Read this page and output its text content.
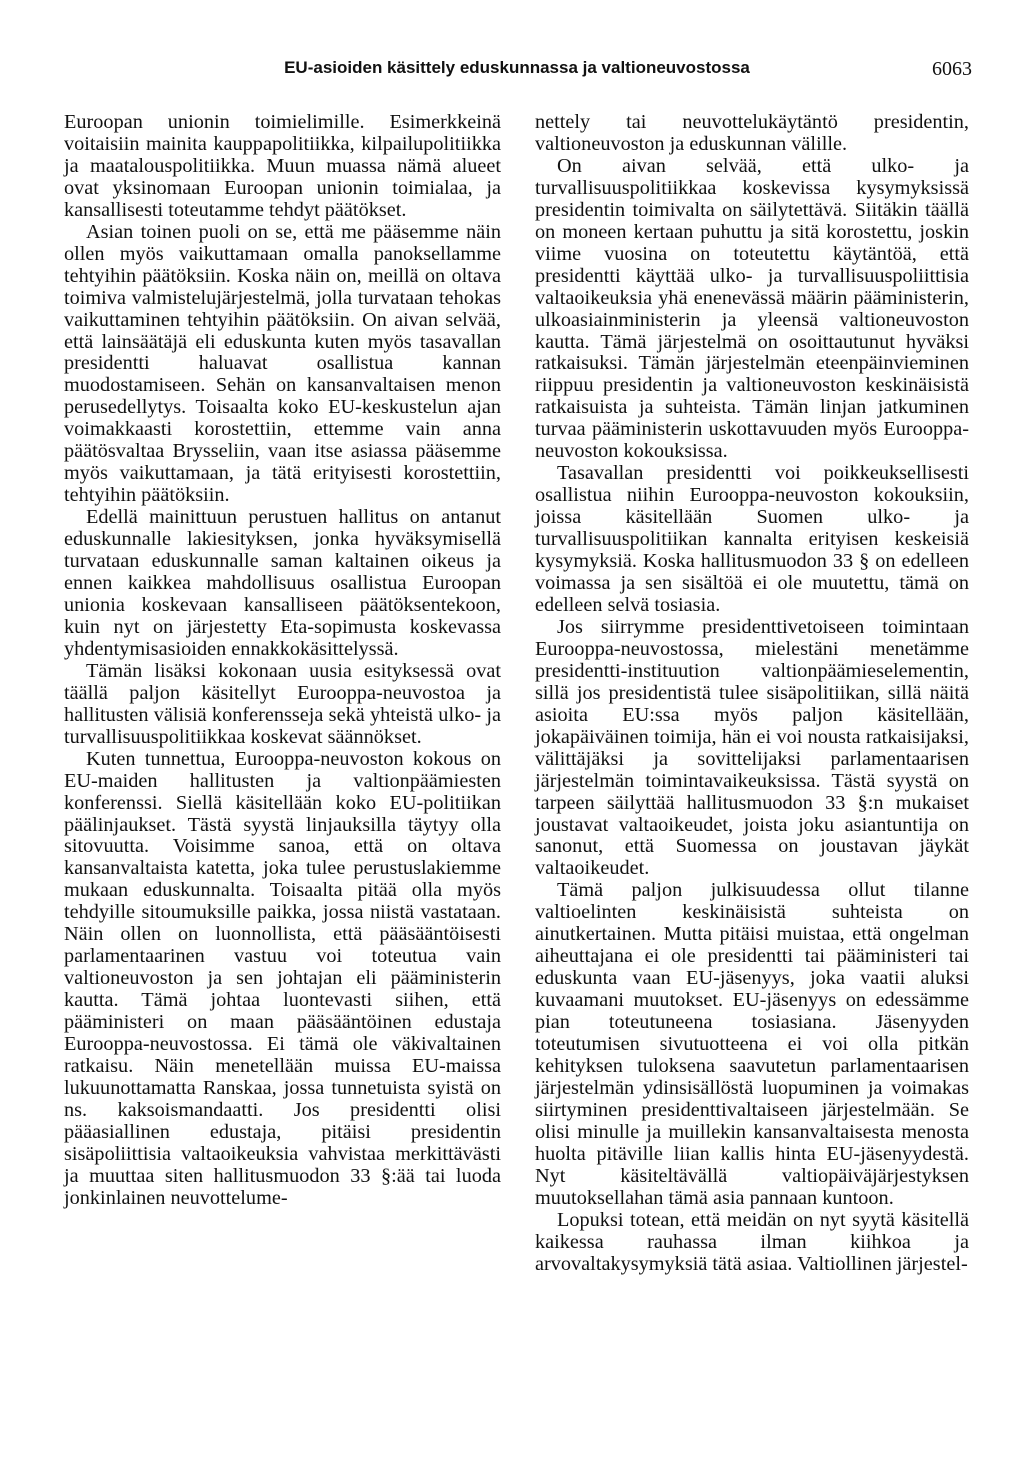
EU-asioiden käsittely eduskunnassa ja valtioneuvostossa	6063

Euroopan unionin toimielimille. Esimerkkeinä voitaisiin mainita kauppapolitiikka, kilpailupolitiikka ja maatalouspolitiikka. Muun muassa nämä alueet ovat yksinomaan Euroopan unionin toimialaa, ja kansallisesti toteutamme tehdyt päätökset.

Asian toinen puoli on se, että me pääsemme näin ollen myös vaikuttamaan omalla panoksellamme tehtyihin päätöksiin. Koska näin on, meillä on oltava toimiva valmistelujärjestelmä, jolla turvataan tehokas vaikuttaminen tehtyihin päätöksiin. On aivan selvää, että lainsäätäjä eli eduskunta kuten myös tasavallan presidentti haluavat osallistua kannan muodostamiseen. Sehän on kansanvaltaisen menon perusedellytys. Toisaalta koko EU-keskustelun ajan voimakkaasti korostettiin, ettemme vain anna päätösvaltaa Brysseliin, vaan itse asiassa pääsemme myös vaikuttamaan, ja tätä erityisesti korostettiin, tehtyihin päätöksiin.

Edellä mainittuun perustuen hallitus on antanut eduskunnalle lakiesityksen, jonka hyväksymisellä turvataan eduskunnalle saman kaltainen oikeus ja ennen kaikkea mahdollisuus osallistua Euroopan unionia koskevaan kansalliseen päätöksentekoon, kuin nyt on järjestetty Eta-sopimusta koskevassa yhdentymisasioiden ennakkokäsittelyssä.

Tämän lisäksi kokonaan uusia esityksessä ovat täällä paljon käsitellyt Eurooppa-neuvostoa ja hallitusten välisiä konferensseja sekä yhteistä ulko- ja turvallisuuspolitiikkaa koskevat säännökset.

Kuten tunnettua, Eurooppa-neuvoston kokous on EU-maiden hallitusten ja valtionpäämiesten konferenssi. Siellä käsitellään koko EU-politiikan päälinjaukset. Tästä syystä linjauksilla täytyy olla sitovuutta. Voisimme sanoa, että on oltava kansanvaltaista katetta, joka tulee perustuslakiemme mukaan eduskunnalta. Toisaalta pitää olla myös tehdyille sitoumuksille paikka, jossa niistä vastataan. Näin ollen on luonnollista, että pääsääntöisesti parlamentaarinen vastuu voi toteutua vain valtioneuvoston ja sen johtajan eli pääministerin kautta. Tämä johtaa luontevasti siihen, että pääministeri on maan pääsääntöinen edustaja Eurooppa-neuvostossa. Ei tämä ole väkivaltainen ratkaisu. Näin menetellään muissa EU-maissa lukuunottamatta Ranskaa, jossa tunnetuista syistä on ns. kaksoismandaatti. Jos presidentti olisi pääasiallinen edustaja, pitäisi presidentin sisäpoliittisia valtaoikeuksia vahvistaa merkittävästi ja muuttaa siten hallitusmuodon 33 §:ää tai luoda jonkinlainen neuvottelume-

nettely tai neuvottelukäytäntö presidentin, valtioneuvoston ja eduskunnan välille.

On aivan selvää, että ulko- ja turvallisuuspolitiikkaa koskevissa kysymyksissä presidentin toimivalta on säilytettävä. Siitäkin täällä on moneen kertaan puhuttu ja sitä korostettu, joskin viime vuosina on toteutettu käytäntöä, että presidentti käyttää ulko- ja turvallisuuspoliittisia valtaoikeuksia yhä enenevässä määrin pääministerin, ulkoasiainministerin ja yleensä valtioneuvoston kautta. Tämä järjestelmä on osoittautunut hyväksi ratkaisuksi. Tämän järjestelmän eteenpäinvieminen riippuu presidentin ja valtioneuvoston keskinäisistä ratkaisuista ja suhteista. Tämän linjan jatkuminen turvaa pääministerin uskottavuuden myös Eurooppa-neuvoston kokouksissa.

Tasavallan presidentti voi poikkeuksellisesti osallistua niihin Eurooppa-neuvoston kokouksiin, joissa käsitellään Suomen ulko- ja turvallisuuspolitiikan kannalta erityisen keskeisiä kysymyksiä. Koska hallitusmuodon 33 § on edelleen voimassa ja sen sisältöä ei ole muutettu, tämä on edelleen selvä tosiasia.

Jos siirrymme presidenttivetoiseen toimintaan Eurooppa-neuvostossa, mielestäni menetämme presidentti-instituution valtionpäämieselementin, sillä jos presidentistä tulee sisäpolitiikan, sillä näitä asioita EU:ssa myös paljon käsitellään, jokapäiväinen toimija, hän ei voi nousta ratkaisijaksi, välittäjäksi ja sovittelijaksi parlamentaarisen järjestelmän toimintavaikeuksissa. Tästä syystä on tarpeen säilyttää hallitusmuodon 33 §:n mukaiset joustavat valtaoikeudet, joista joku asiantuntija on sanonut, että Suomessa on joustavan jäykät valtaoikeudet.

Tämä paljon julkisuudessa ollut tilanne valtioelinten keskinäisistä suhteista on ainutkertainen. Mutta pitäisi muistaa, että ongelman aiheuttajana ei ole presidentti tai pääministeri tai eduskunta vaan EU-jäsenyys, joka vaatii aluksi kuvaamani muutokset. EU-jäsenyys on edessämme pian toteutuneena tosiasiana. Jäsenyyden toteutumisen sivutuotteena ei voi olla pitkän kehityksen tuloksena saavutetun parlamentaarisen järjestelmän ydinsisällöstä luopuminen ja voimakas siirtyminen presidenttivaltaiseen järjestelmään. Se olisi minulle ja muillekin kansanvaltaisesta menosta huolta pitäville liian kallis hinta EU-jäsenyydestä. Nyt käsiteltävällä valtiopäiväjärjestyksen muutoksellahan tämä asia pannaan kuntoon.

Lopuksi totean, että meidän on nyt syytä käsitellä kaikessa rauhassa ilman kiihkoa ja arvovaltakysymyksiä tätä asiaa. Valtiollinen järjestel-
